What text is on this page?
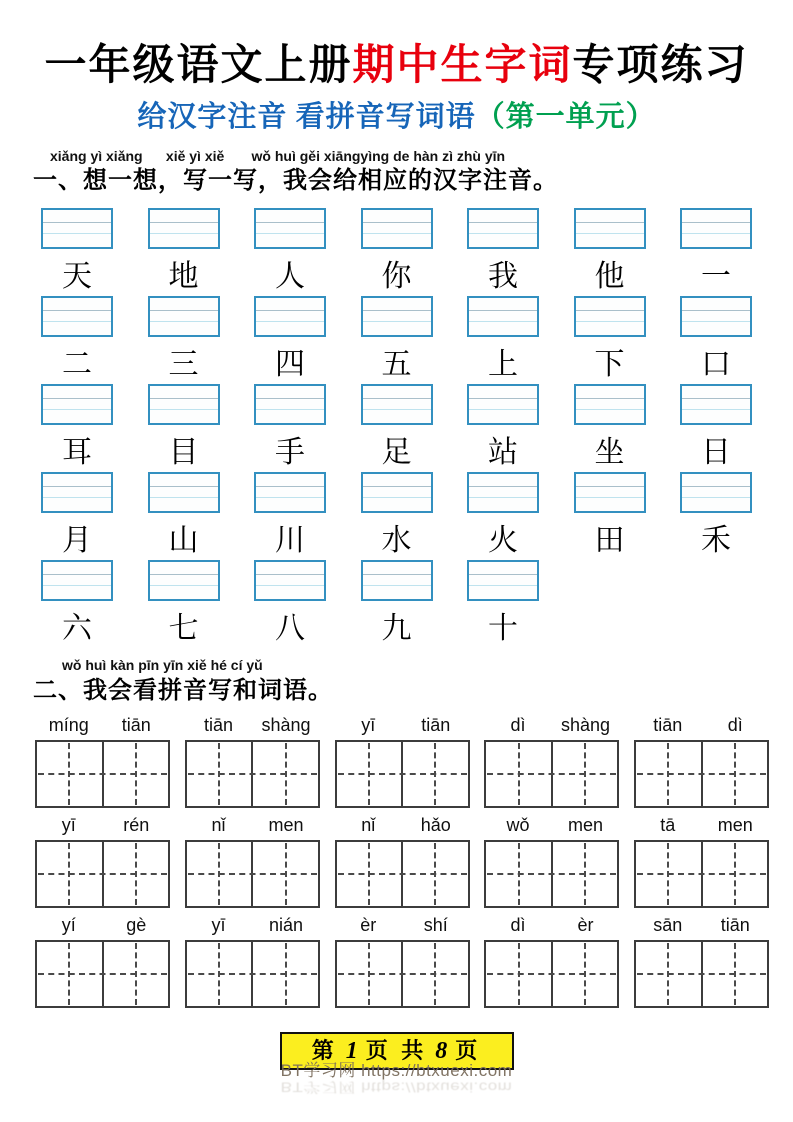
一年级语文上册期中生字词专项练习
给汉字注音 看拼音写词语（第一单元）
xiǎng yì xiǎng      xiě yì xiě       wǒ huì gěi xiāngyìng de hàn zì zhù yīn
一、想一想，写一写，我会给相应的汉字注音。
天	地	人	你	我	他	一
二	三	四	五	上	下	口
耳	目	手	足	站	坐	日
月	山	川	水	火	田	禾
六	七	八	九	十
wǒ huì kàn pīn yīn xiě hé cí yǔ
二、我会看拼音写和词语。
míng	tiān	tiān	shàng	yī	tiān	dì	shàng	tiān	dì
yī	rén	nǐ	men	nǐ	hǎo	wǒ	men	tā	men
yí	gè	yī	nián	èr	shí	dì	èr	sān	tiān
第 1 页 共 8 页
BT学习网 https://btxuexi.com
BT学习网 https://btxuexi.com
